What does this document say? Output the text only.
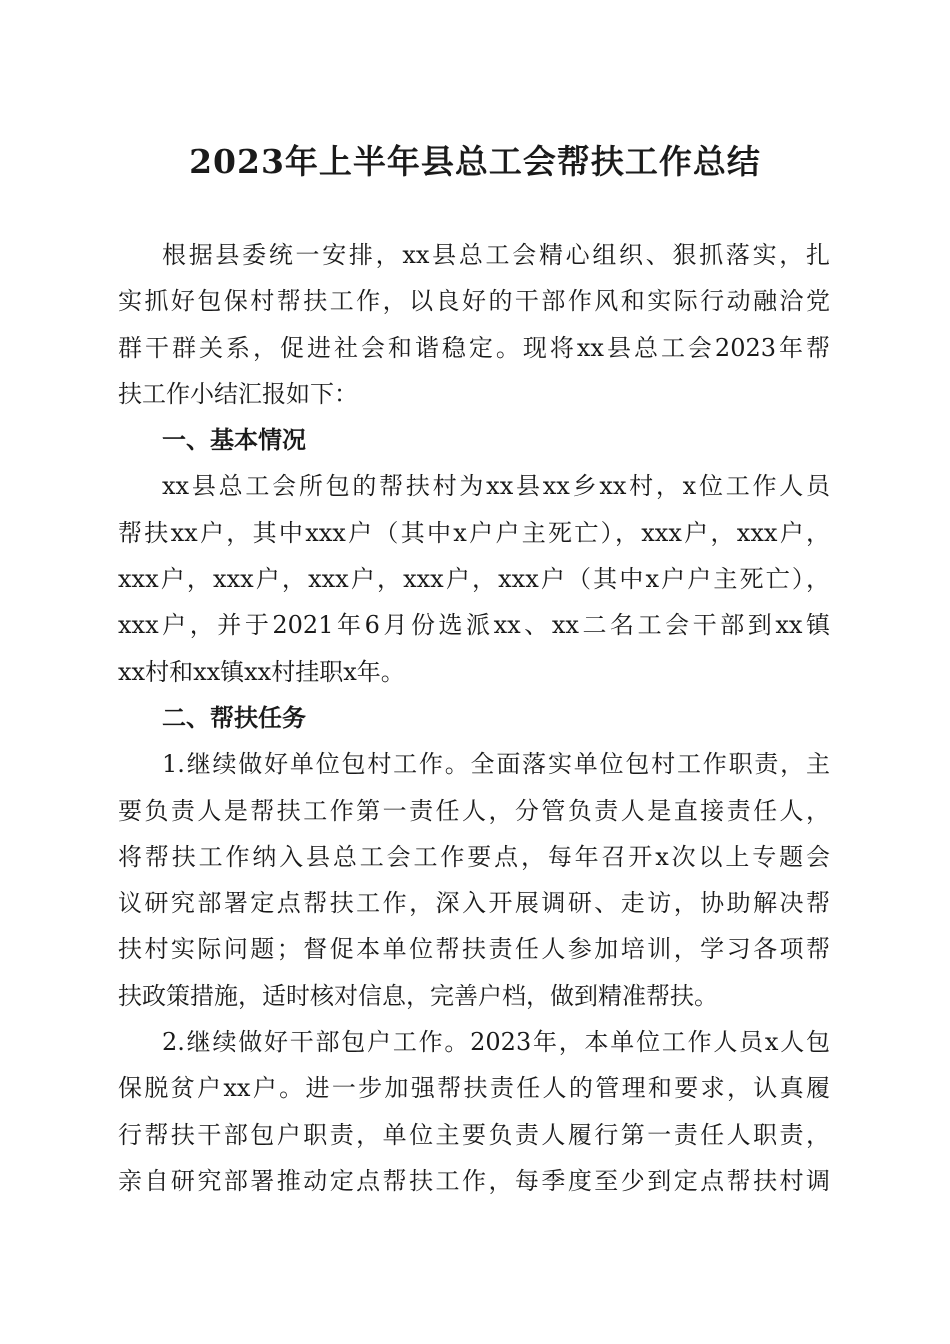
2023年上半年县总工会帮扶工作总结
根据县委统一安排，xx县总工会精心组织、狠抓落实，扎
实抓好包保村帮扶工作，以良好的干部作风和实际行动融洽党
群干群关系，促进社会和谐稳定。现将xx县总工会2023年帮
扶工作小结汇报如下：
一、基本情况
xx县总工会所包的帮扶村为xx县xx乡xx村，x位工作人员
帮扶xx户，其中xxx户（其中x户户主死亡），xxx户，xxx户，
xxx户，xxx户，xxx户，xxx户，xxx户（其中x户户主死亡），
xxx户，并于2021年6月份选派xx、xx二名工会干部到xx镇
xx村和xx镇xx村挂职x年。
二、帮扶任务
1.继续做好单位包村工作。全面落实单位包村工作职责，主
要负责人是帮扶工作第一责任人，分管负责人是直接责任人，
将帮扶工作纳入县总工会工作要点，每年召开x次以上专题会
议研究部署定点帮扶工作，深入开展调研、走访，协助解决帮
扶村实际问题；督促本单位帮扶责任人参加培训，学习各项帮
扶政策措施，适时核对信息，完善户档，做到精准帮扶。
2.继续做好干部包户工作。2023年，本单位工作人员x人包
保脱贫户xx户。进一步加强帮扶责任人的管理和要求，认真履
行帮扶干部包户职责，单位主要负责人履行第一责任人职责，
亲自研究部署推动定点帮扶工作，每季度至少到定点帮扶村调
